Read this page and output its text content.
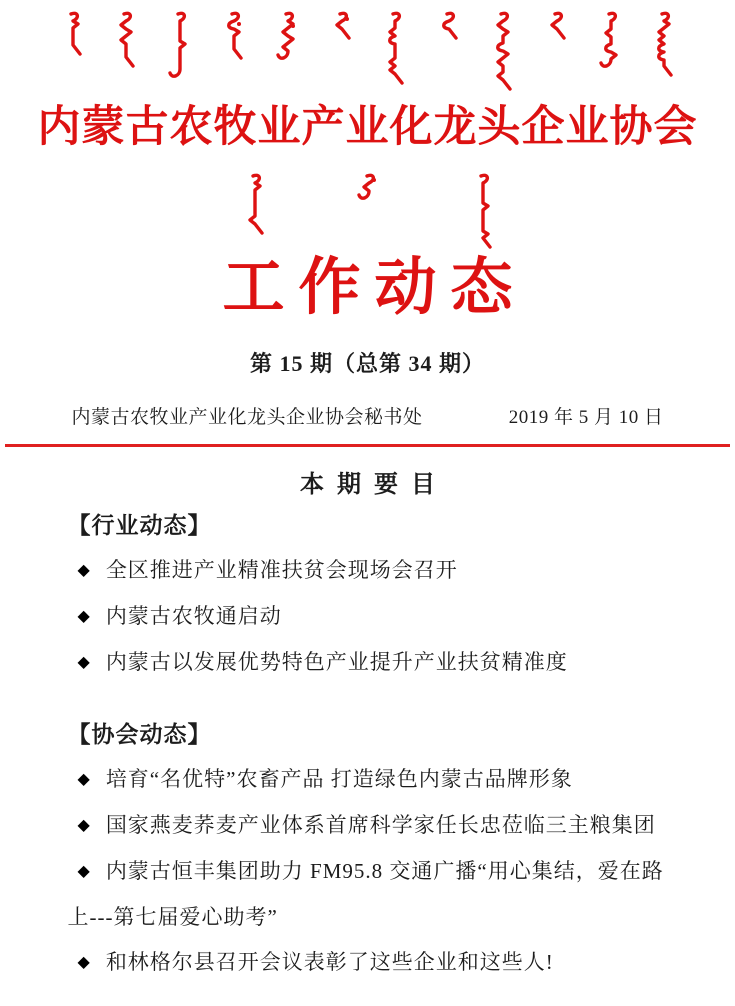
内蒙古农牧业产业化龙头企业协会
工作动态
第 15 期（总第 34 期）
内蒙古农牧业产业化龙头企业协会秘书处	2019 年 5 月 10 日
本期要目
【行业动态】

◆ 全区推进产业精准扶贫会现场会召开

◆ 内蒙古农牧通启动

◆ 内蒙古以发展优势特色产业提升产业扶贫精准度

【协会动态】

◆ 培育“名优特”农畜产品 打造绿色内蒙古品牌形象

◆ 国家燕麦荞麦产业体系首席科学家任长忠莅临三主粮集团

◆ 内蒙古恒丰集团助力 FM95.8 交通广播“用心集结，爱在路上---第七届爱心助考”

◆ 和林格尔县召开会议表彰了这些企业和这些人!
